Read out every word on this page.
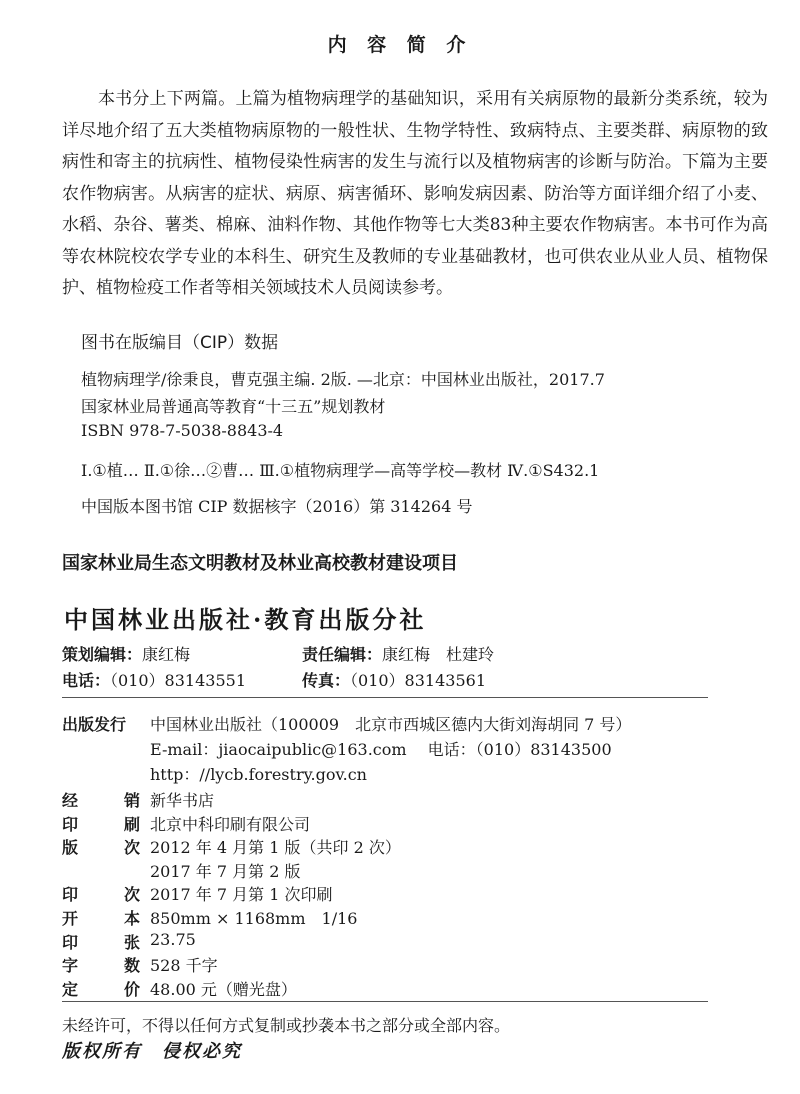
内 容 简 介

本书分上下两篇。上篇为植物病理学的基础知识，采用有关病原物的最新分类系统，较为详尽地介绍了五大类植物病原物的一般性状、生物学特性、致病特点、主要类群、病原物的致病性和寄主的抗病性、植物侵染性病害的发生与流行以及植物病害的诊断与防治。下篇为主要农作物病害。从病害的症状、病原、病害循环、影响发病因素、防治等方面详细介绍了小麦、水稻、杂谷、薯类、棉麻、油料作物、其他作物等七大类83种主要农作物病害。本书可作为高等农林院校农学专业的本科生、研究生及教师的专业基础教材，也可供农业从业人员、植物保护、植物检疫工作者等相关领域技术人员阅读参考。

图书在版编目（CIP）数据
植物病理学/徐秉良，曹克强主编. 2版. —北京：中国林业出版社，2017.7
国家林业局普通高等教育“十三五”规划教材
ISBN 978-7-5038-8843-4
Ⅰ.①植… Ⅱ.①徐…②曹… Ⅲ.①植物病理学—高等学校—教材 Ⅳ.①S432.1
中国版本图书馆 CIP 数据核字（2016）第 314264 号
国家林业局生态文明教材及林业高校教材建设项目
中国林业出版社·教育出版分社
策划编辑：康红梅	责任编辑：康红梅　杜建玲
电话：（010）83143551	传真：（010）83143561
出版发行	中国林业出版社（100009　北京市西城区德内大街刘海胡同 7 号）
E-mail：jiaocaipublic@163.com　 电话：（010）83143500
http：//lycb.forestry.gov.cn
经	销 新华书店
印	刷 北京中科印刷有限公司
版	次 2012 年 4 月第 1 版（共印 2 次）
2017 年 7 月第 2 版
印	次 2017 年 7 月第 1 次印刷
开	本 850mm × 1168mm　1/16
印	张 23.75
字	数 528 千字
定	价 48.00 元（赠光盘）
未经许可，不得以任何方式复制或抄袭本书之部分或全部内容。
版权所有　侵权必究
